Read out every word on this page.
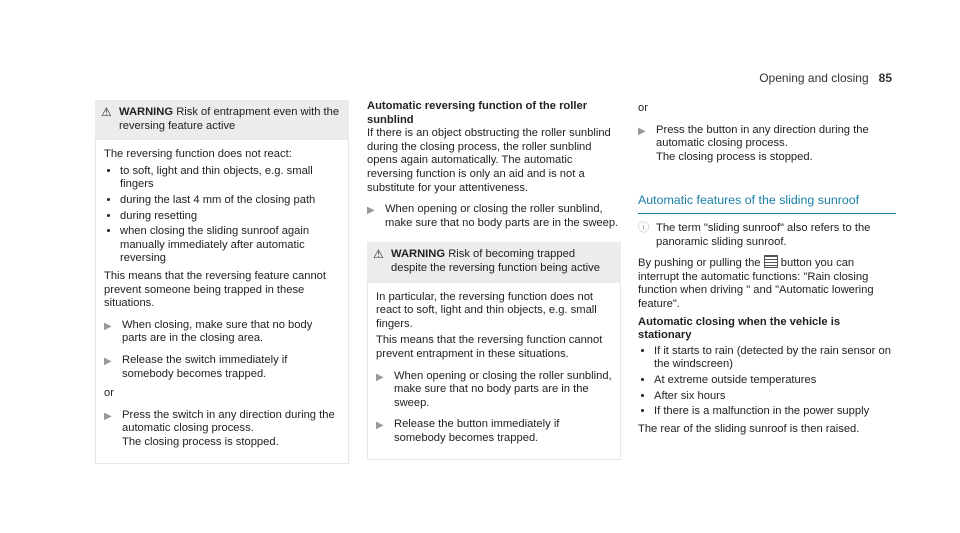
Opening and closing 85
⚠ WARNING Risk of entrapment even with the reversing feature active

The reversing function does not react:

• to soft, light and thin objects, e.g. small fingers
• during the last 4 mm of the closing path
• during resetting
• when closing the sliding sunroof again manually immediately after automatic reversing

This means that the reversing feature cannot prevent someone being trapped in these situations.

▶ When closing, make sure that no body parts are in the closing area.
▶ Release the switch immediately if somebody becomes trapped.
or
▶ Press the switch in any direction during the automatic closing process.
The closing process is stopped.
Automatic reversing function of the roller sunblind

If there is an object obstructing the roller sunblind during the closing process, the roller sunblind opens again automatically. The automatic reversing function is only an aid and is not a substitute for your attentiveness.

▶ When opening or closing the roller sunblind, make sure that no body parts are in the sweep.
⚠ WARNING Risk of becoming trapped despite the reversing function being active

In particular, the reversing function does not react to soft, light and thin objects, e.g. small fingers.

This means that the reversing function cannot prevent entrapment in these situations.

▶ When opening or closing the roller sunblind, make sure that no body parts are in the sweep.
▶ Release the button immediately if somebody becomes trapped.
or
▶ Press the button in any direction during the automatic closing process.
The closing process is stopped.
Automatic features of the sliding sunroof
ⓘ The term "sliding sunroof" also refers to the panoramic sliding sunroof.

By pushing or pulling the button you can interrupt the automatic functions: "Rain closing function when driving " and "Automatic lowering feature".

Automatic closing when the vehicle is stationary
• If it starts to rain (detected by the rain sensor on the windscreen)
• At extreme outside temperatures
• After six hours
• If there is a malfunction in the power supply

The rear of the sliding sunroof is then raised.
